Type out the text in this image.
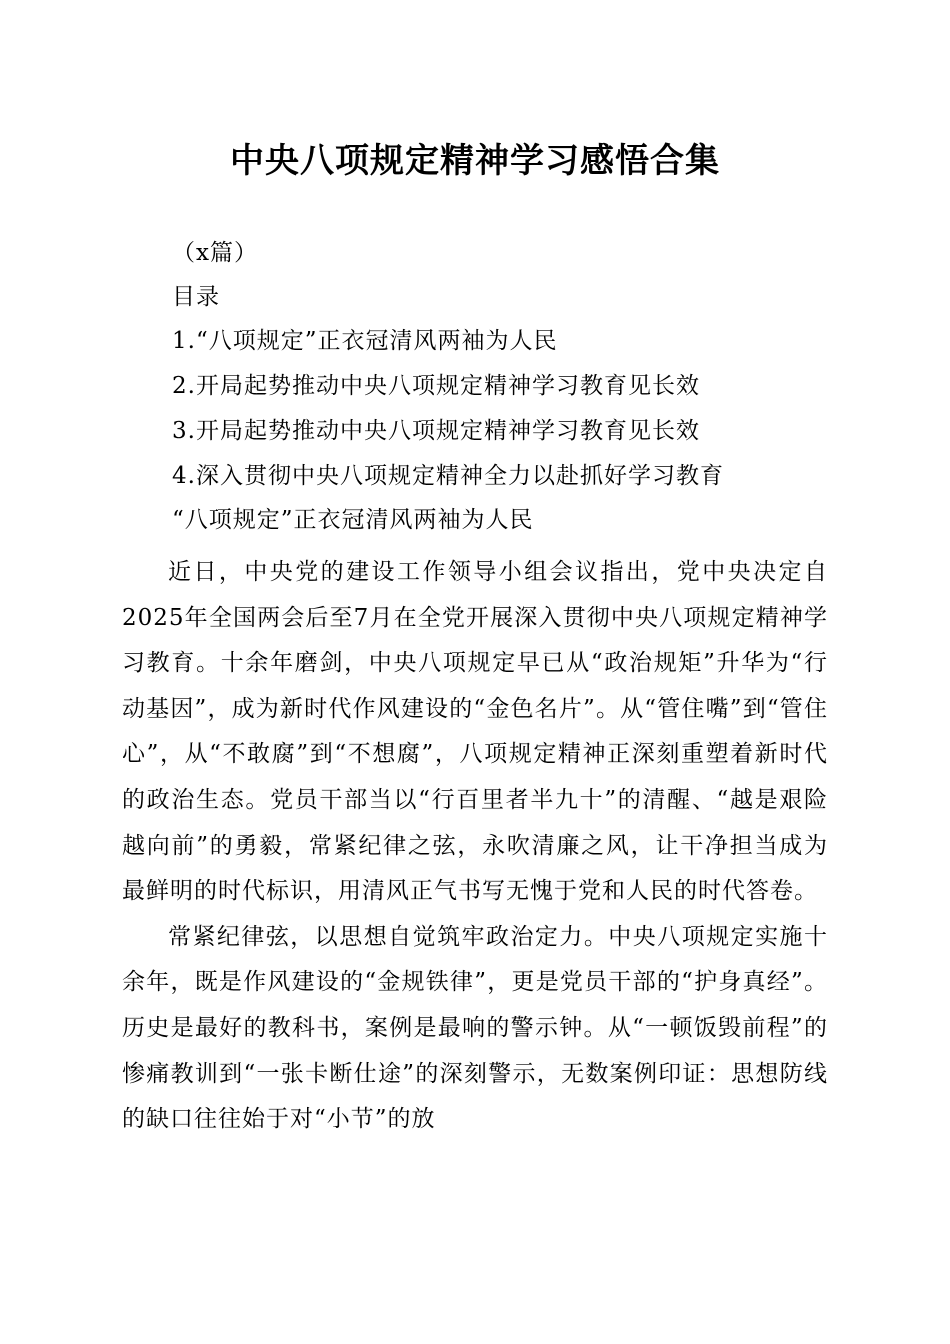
中央八项规定精神学习感悟合集
（x篇）
目录
1.“八项规定”正衣冠清风两袖为人民
2.开局起势推动中央八项规定精神学习教育见长效
3.开局起势推动中央八项规定精神学习教育见长效
4.深入贯彻中央八项规定精神全力以赴抓好学习教育
“八项规定”正衣冠清风两袖为人民

近日，中央党的建设工作领导小组会议指出，党中央决定自2025年全国两会后至7月在全党开展深入贯彻中央八项规定精神学习教育。十余年磨剑，中央八项规定早已从“政治规矩”升华为“行动基因”，成为新时代作风建设的“金色名片”。从“管住嘴”到“管住心”，从“不敢腐”到“不想腐”，八项规定精神正深刻重塑着新时代的政治生态。党员干部当以“行百里者半九十”的清醒、“越是艰险越向前”的勇毅，常紧纪律之弦，永吹清廉之风，让干净担当成为最鲜明的时代标识，用清风正气书写无愧于党和人民的时代答卷。

常紧纪律弦，以思想自觉筑牢政治定力。中央八项规定实施十余年，既是作风建设的“金规铁律”，更是党员干部的“护身真经”。历史是最好的教科书，案例是最响的警示钟。从“一顿饭毁前程”的惨痛教训到“一张卡断仕途”的深刻警示，无数案例印证：思想防线的缺口往往始于对“小节”的放
